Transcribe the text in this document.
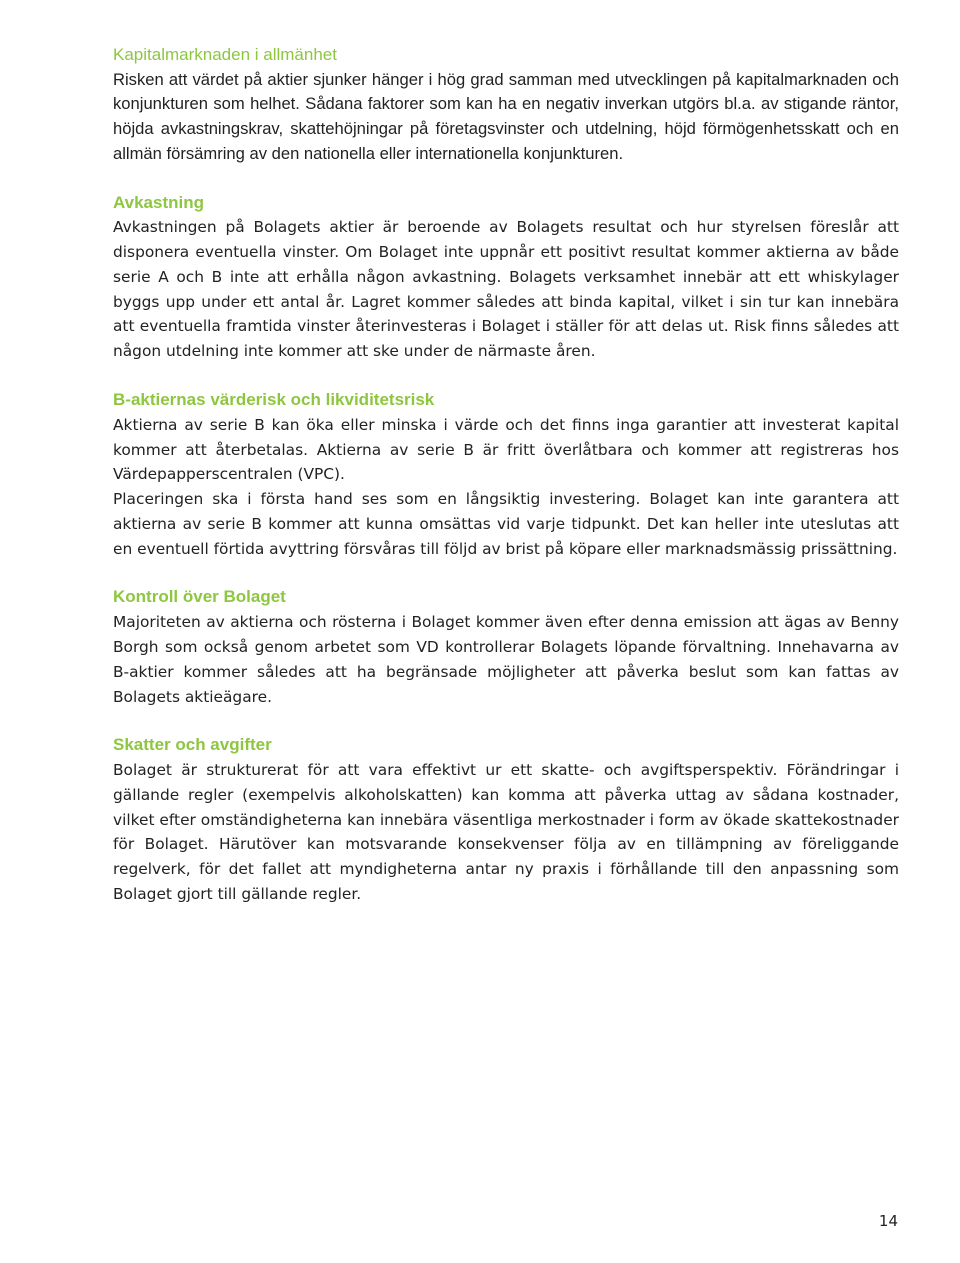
Kapitalmarknaden i allmänhet

Risken att värdet på aktier sjunker hänger i hög grad samman med utvecklingen på kapitalmarknaden och konjunkturen som helhet. Sådana faktorer som kan ha en negativ inverkan utgörs bl.a. av stigande räntor, höjda avkastningskrav, skattehöjningar på företagsvinster och utdelning, höjd förmögenhetsskatt och en allmän försämring av den nationella eller internationella konjunkturen.

Avkastning

Avkastningen på Bolagets aktier är beroende av Bolagets resultat och hur styrelsen föreslår att disponera eventuella vinster. Om Bolaget inte uppnår ett positivt resultat kommer aktierna av både serie A och B inte att erhålla någon avkastning. Bolagets verksamhet innebär att ett whiskylager byggs upp under ett antal år. Lagret kommer således att binda kapital, vilket i sin tur kan innebära att eventuella framtida vinster återinvesteras i Bolaget i ställer för att delas ut. Risk finns således att någon utdelning inte kommer att ske under de närmaste åren.

B-aktiernas värderisk och likviditetsrisk

Aktierna av serie B kan öka eller minska i värde och det finns inga garantier att investerat kapital kommer att återbetalas. Aktierna av serie B är fritt överlåtbara och kommer att registreras hos Värdepapperscentralen (VPC).

Placeringen ska i första hand ses som en långsiktig investering. Bolaget kan inte garantera att aktierna av serie B kommer att kunna omsättas vid varje tidpunkt. Det kan heller inte uteslutas att en eventuell förtida avyttring försvåras till följd av brist på köpare eller marknadsmässig prissättning.

Kontroll över Bolaget

Majoriteten av aktierna och rösterna i Bolaget kommer även efter denna emission att ägas av Benny Borgh som också genom arbetet som VD kontrollerar Bolagets löpande förvaltning. Innehavarna av B-aktier kommer således att ha begränsade möjligheter att påverka beslut som kan fattas av Bolagets aktieägare.

Skatter och avgifter

Bolaget är strukturerat för att vara effektivt ur ett skatte- och avgiftsperspektiv. Förändringar i gällande regler (exempelvis alkoholskatten) kan komma att påverka uttag av sådana kostnader, vilket efter omständigheterna kan innebära väsentliga merkostnader i form av ökade skattekostnader för Bolaget. Härutöver kan motsvarande konsekvenser följa av en tillämpning av föreliggande regelverk, för det fallet att myndigheterna antar ny praxis i förhållande till den anpassning som Bolaget gjort till gällande regler.

14
